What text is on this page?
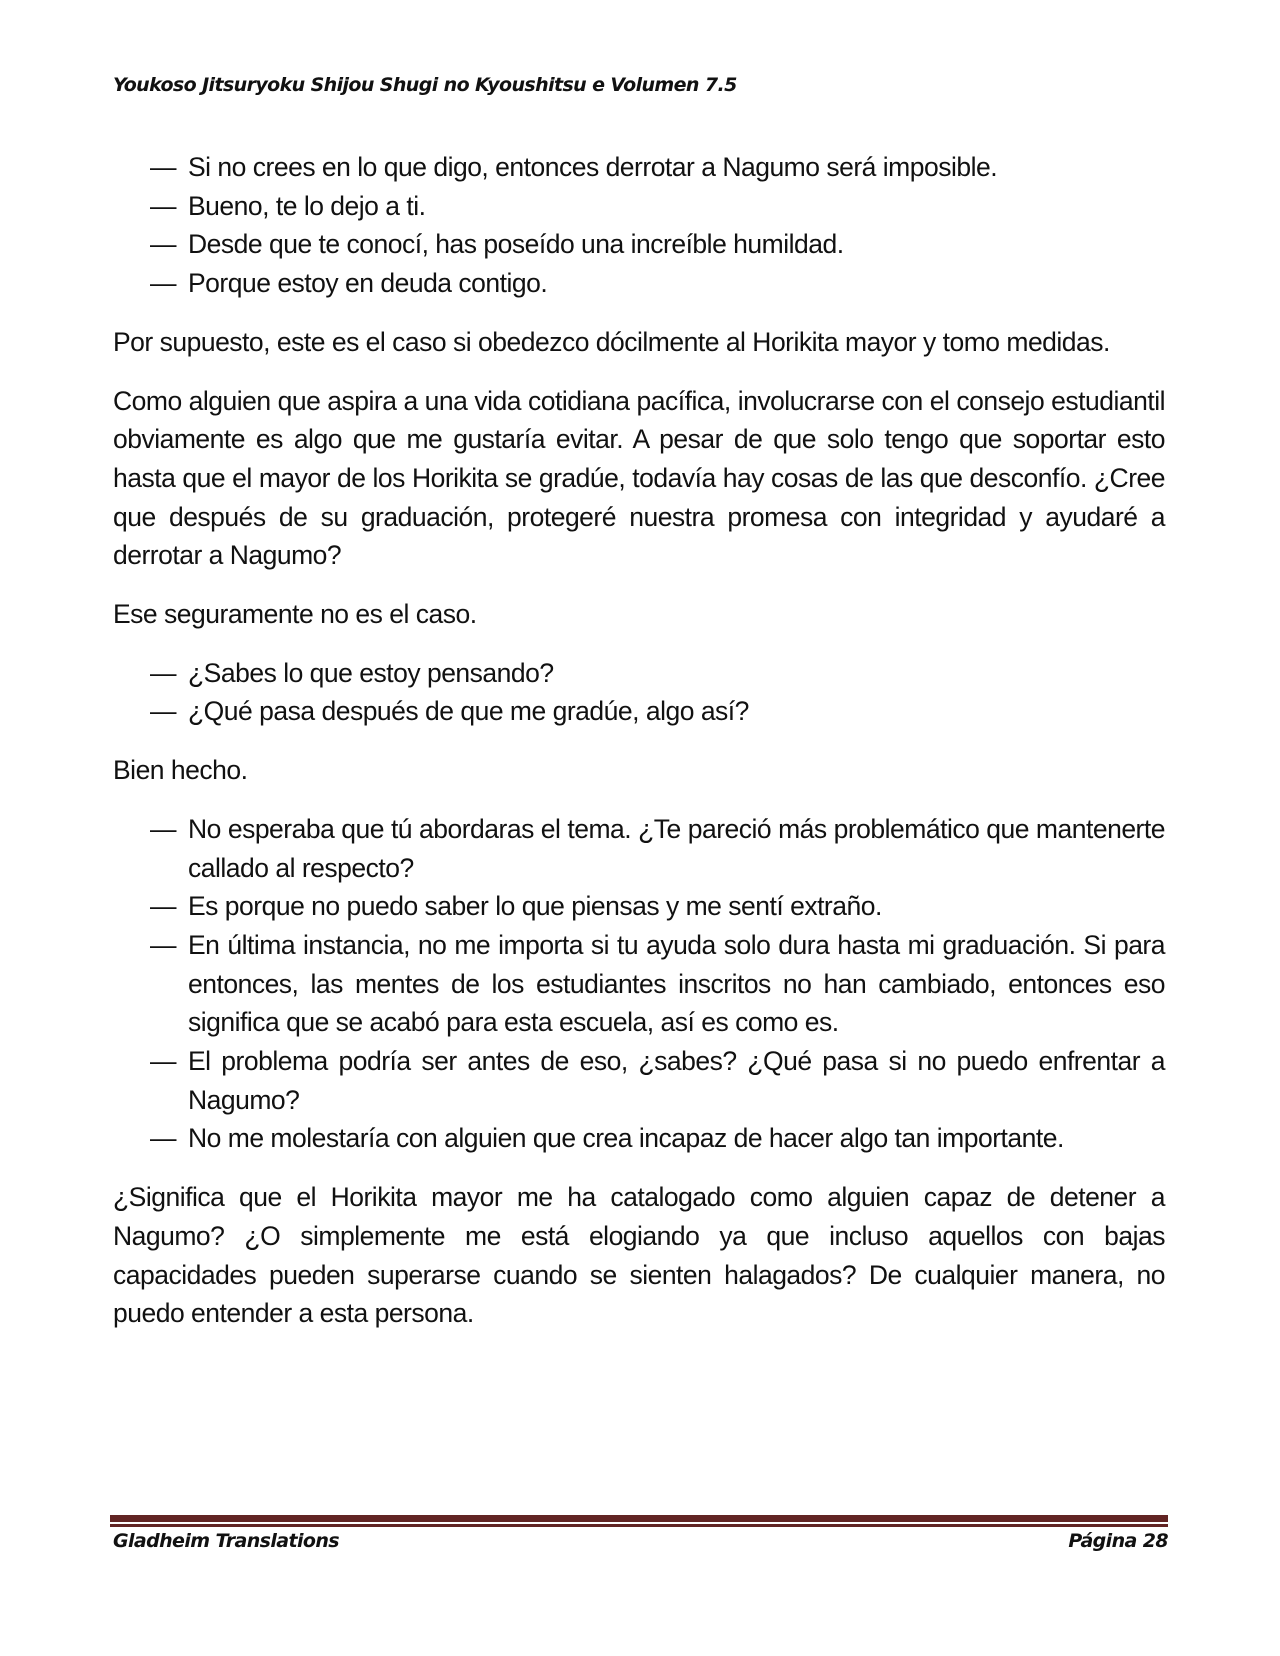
Youkoso Jitsuryoku Shijou Shugi no Kyoushitsu e Volumen 7.5
— Si no crees en lo que digo, entonces derrotar a Nagumo será imposible.
— Bueno, te lo dejo a ti.
— Desde que te conocí, has poseído una increíble humildad.
— Porque estoy en deuda contigo.

Por supuesto, este es el caso si obedezco dócilmente al Horikita mayor y tomo medidas.

Como alguien que aspira a una vida cotidiana pacífica, involucrarse con el consejo estudiantil obviamente es algo que me gustaría evitar. A pesar de que solo tengo que soportar esto hasta que el mayor de los Horikita se gradúe, todavía hay cosas de las que desconfío. ¿Cree que después de su graduación, protegeré nuestra promesa con integridad y ayudaré a derrotar a Nagumo?

Ese seguramente no es el caso.

— ¿Sabes lo que estoy pensando?
— ¿Qué pasa después de que me gradúe, algo así?

Bien hecho.

— No esperaba que tú abordaras el tema. ¿Te pareció más problemático que mantenerte callado al respecto?
— Es porque no puedo saber lo que piensas y me sentí extraño.
— En última instancia, no me importa si tu ayuda solo dura hasta mi graduación. Si para entonces, las mentes de los estudiantes inscritos no han cambiado, entonces eso significa que se acabó para esta escuela, así es como es.
— El problema podría ser antes de eso, ¿sabes? ¿Qué pasa si no puedo enfrentar a Nagumo?
— No me molestaría con alguien que crea incapaz de hacer algo tan importante.

¿Significa que el Horikita mayor me ha catalogado como alguien capaz de detener a Nagumo? ¿O simplemente me está elogiando ya que incluso aquellos con bajas capacidades pueden superarse cuando se sienten halagados? De cualquier manera, no puedo entender a esta persona.

Gladheim Translations	Página 28
